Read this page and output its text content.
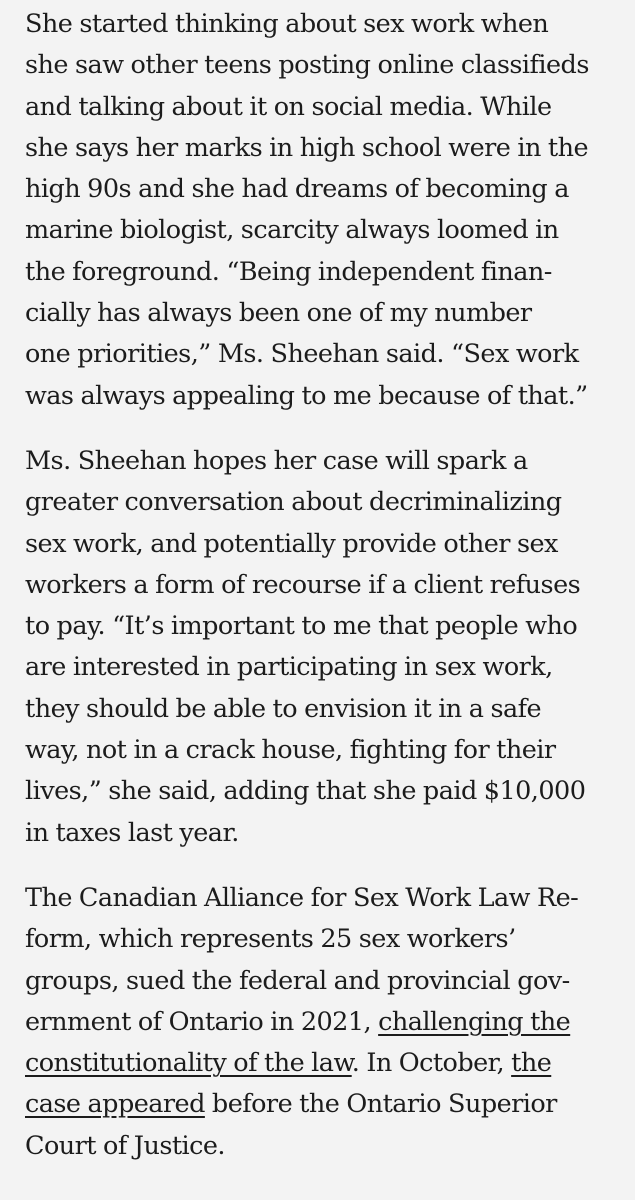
She started thinking about sex work when
she saw other teens posting online classifieds
and talking about it on social media. While
she says her marks in high school were in the
high 90s and she had dreams of becoming a
marine biologist, scarcity always loomed in
the foreground. “Being independent finan-
cially has always been one of my number
one priorities,” Ms. Sheehan said. “Sex work
was always appealing to me because of that.”

Ms. Sheehan hopes her case will spark a
greater conversation about decriminalizing
sex work, and potentially provide other sex
workers a form of recourse if a client refuses
to pay. “It’s important to me that people who
are interested in participating in sex work,
they should be able to envision it in a safe
way, not in a crack house, fighting for their
lives,” she said, adding that she paid $10,000
in taxes last year.

The Canadian Alliance for Sex Work Law Re-
form, which represents 25 sex workers’
groups, sued the federal and provincial gov-
ernment of Ontario in 2021, challenging the
constitutionality of the law. In October, the
case appeared before the Ontario Superior
Court of Justice.
